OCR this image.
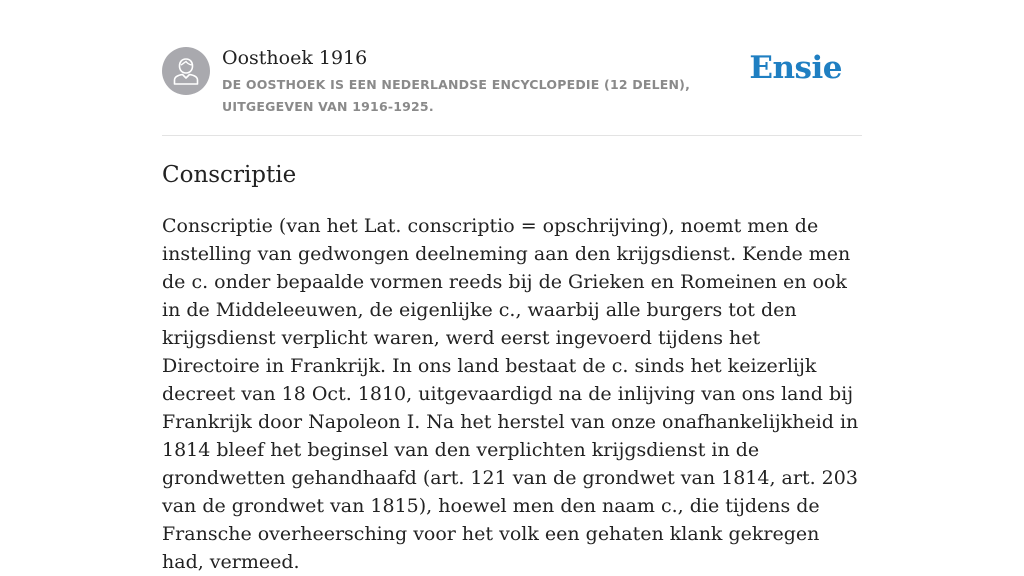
Oosthoek 1916
DE OOSTHOEK IS EEN NEDERLANDSE ENCYCLOPEDIE (12 DELEN), UITGEGEVEN VAN 1916-1925.
Ensie
Conscriptie

Conscriptie (van het Lat. conscriptio = opschrijving), noemt men de instelling van gedwongen deelneming aan den krijgsdienst. Kende men de c. onder bepaalde vormen reeds bij de Grieken en Romeinen en ook in de Middeleeuwen, de eigenlijke c., waarbij alle burgers tot den krijgsdienst verplicht waren, werd eerst ingevoerd tijdens het Directoire in Frankrijk. In ons land bestaat de c. sinds het keizerlijk decreet van 18 Oct. 1810, uitgevaardigd na de inlijving van ons land bij Frankrijk door Napoleon I. Na het herstel van onze onafhankelijkheid in 1814 bleef het beginsel van den verplichten krijgsdienst in de grondwetten gehandhaafd (art. 121 van de grondwet van 1814, art. 203 van de grondwet van 1815), hoewel men den naam c., die tijdens de Fransche overheersching voor het volk een gehaten klank gekregen had, vermeed.
